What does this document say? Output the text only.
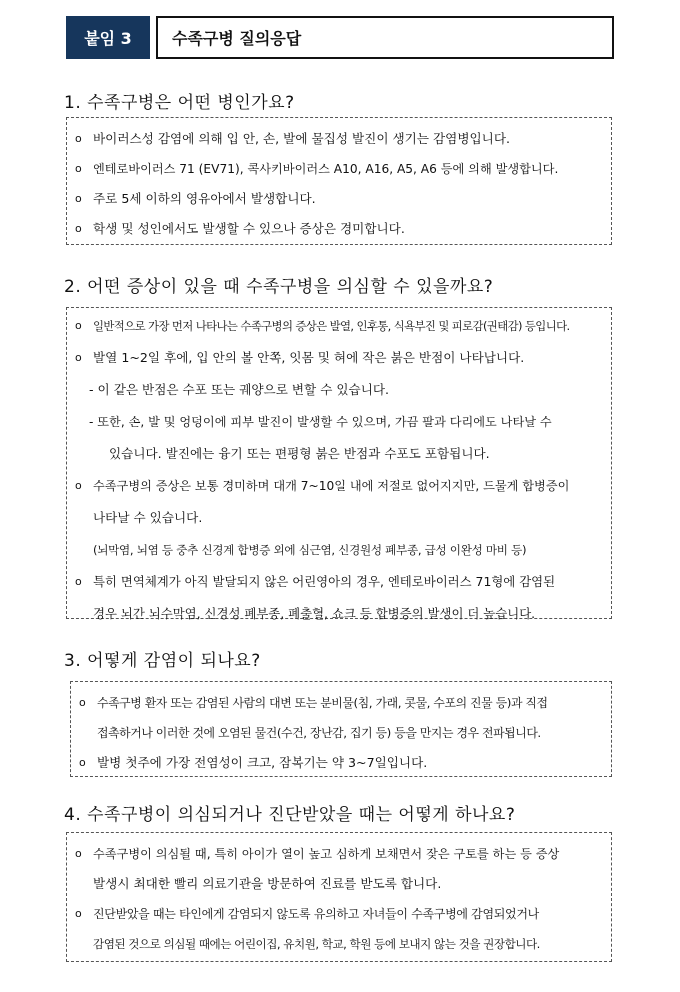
붙임 3	수족구병 질의응답
1. 수족구병은 어떤 병인가요?
o 바이러스성 감염에 의해 입 안, 손, 발에 물집성 발진이 생기는 감염병입니다.
o 엔테로바이러스 71 (EV71), 콕사키바이러스 A10, A16, A5, A6 등에 의해 발생합니다.
o 주로 5세 이하의 영유아에서 발생합니다.
o 학생 및 성인에서도 발생할 수 있으나 증상은 경미합니다.
2. 어떤 증상이 있을 때 수족구병을 의심할 수 있을까요?
o 일반적으로 가장 먼저 나타나는 수족구병의 증상은 발열, 인후통, 식욕부진 및 피로감(권태감) 등입니다.
o 발열 1~2일 후에, 입 안의 볼 안쪽, 잇몸 및 혀에 작은 붉은 반점이 나타납니다.
- 이 같은 반점은 수포 또는 궤양으로 변할 수 있습니다.
- 또한, 손, 발 및 엉덩이에 피부 발진이 발생할 수 있으며, 가끔 팔과 다리에도 나타날 수
있습니다. 발진에는 융기 또는 편평형 붉은 반점과 수포도 포함됩니다.
o 수족구병의 증상은 보통 경미하며 대개 7~10일 내에 저절로 없어지지만, 드물게 합병증이
나타날 수 있습니다.
(뇌막염, 뇌염 등 중추 신경계 합병증 외에 심근염, 신경원성 폐부종, 급성 이완성 마비 등)
o 특히 면역체계가 아직 발달되지 않은 어린영아의 경우, 엔테로바이러스 71형에 감염된
경우 뇌간 뇌수막염, 신경성 폐부종, 폐출혈, 쇼크 등 합병증의 발생이 더 높습니다.
3. 어떻게 감염이 되나요?
o 수족구병 환자 또는 감염된 사람의 대변 또는 분비물(침, 가래, 콧물, 수포의 진물 등)과 직접
접촉하거나 이러한 것에 오염된 물건(수건, 장난감, 집기 등) 등을 만지는 경우 전파됩니다.
o 발병 첫주에 가장 전염성이 크고, 잠복기는 약 3~7일입니다.
4. 수족구병이 의심되거나 진단받았을 때는 어떻게 하나요?
o 수족구병이 의심될 때, 특히 아이가 열이 높고 심하게 보채면서 잦은 구토를 하는 등 증상
발생시 최대한 빨리 의료기관을 방문하여 진료를 받도록 합니다.
o 진단받았을 때는 타인에게 감염되지 않도록 유의하고 자녀들이 수족구병에 감염되었거나
감염된 것으로 의심될 때에는 어린이집, 유치원, 학교, 학원 등에 보내지 않는 것을 권장합니다.
